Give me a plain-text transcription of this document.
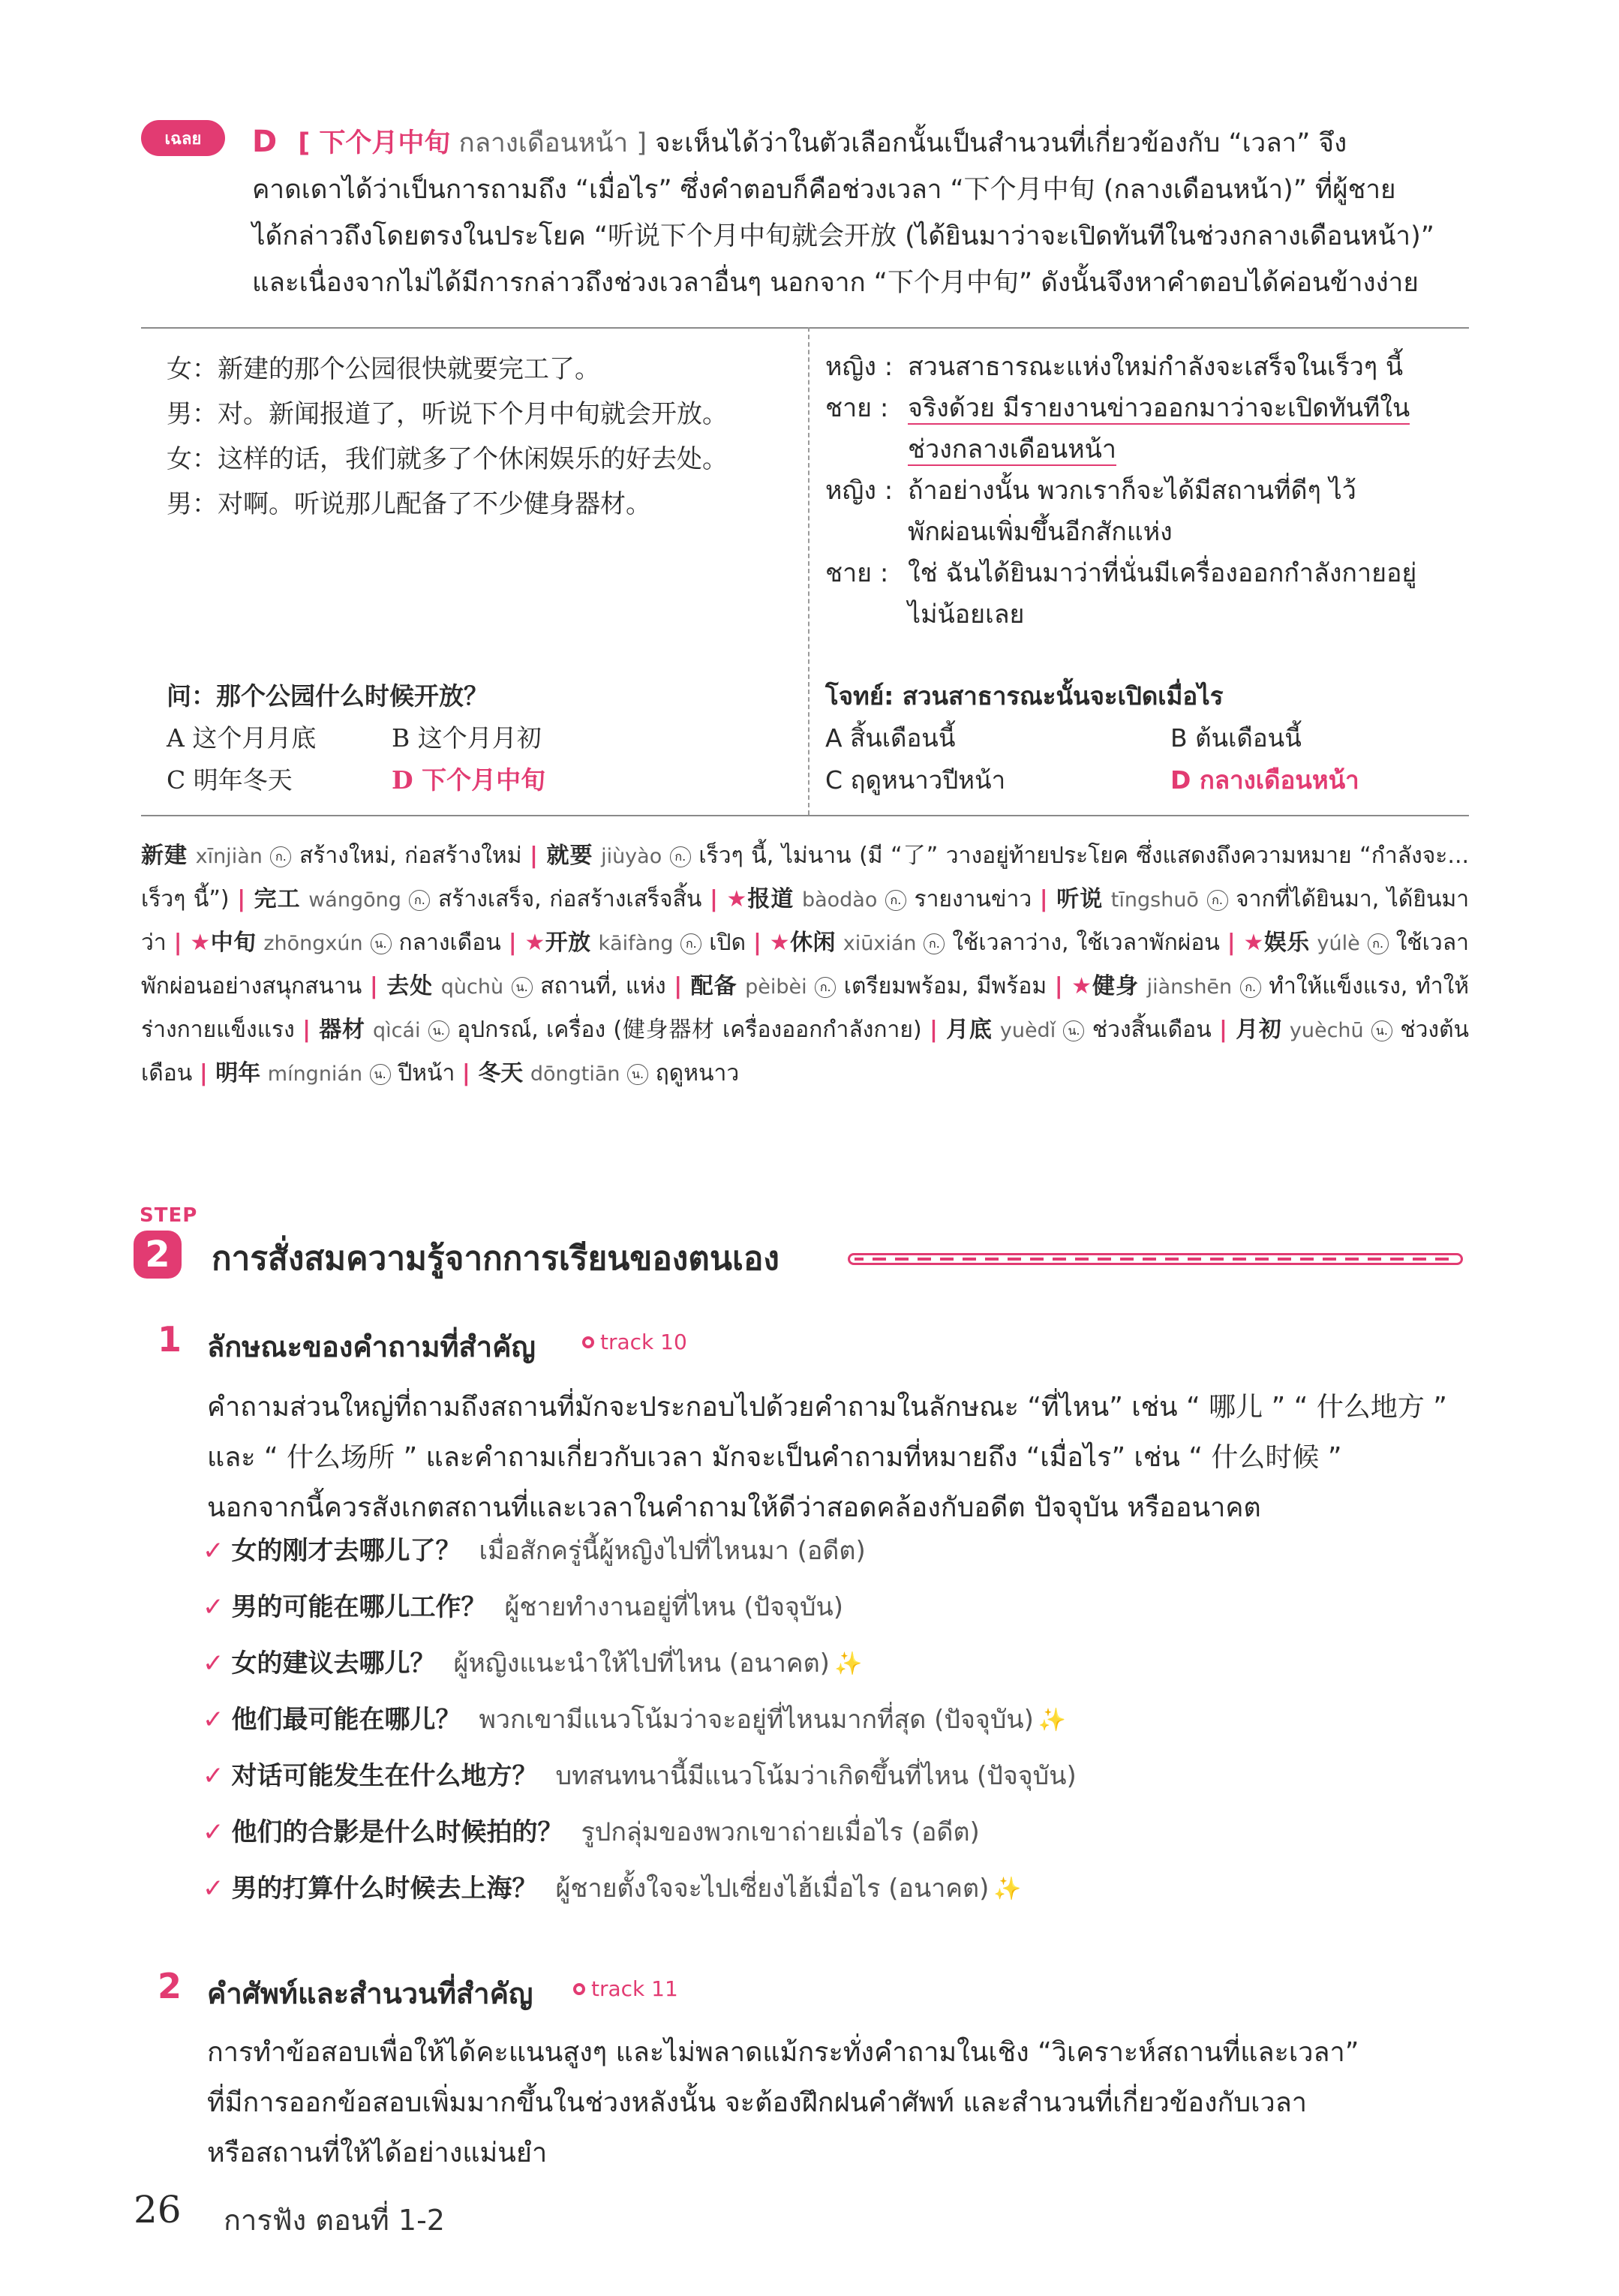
เฉลย	D [ 下个月中旬 กลางเดือนหน้า ] จะเห็นได้ว่าในตัวเลือกนั้นเป็นสำนวนที่เกี่ยวข้องกับ “เวลา” จึง
คาดเดาได้ว่าเป็นการถามถึง “เมื่อไร” ซึ่งคำตอบก็คือช่วงเวลา “下个月中旬 (กลางเดือนหน้า)” ที่ผู้ชาย
ได้กล่าวถึงโดยตรงในประโยค “听说下个月中旬就会开放 (ได้ยินมาว่าจะเปิดทันทีในช่วงกลางเดือนหน้า)”
และเนื่องจากไม่ได้มีการกล่าวถึงช่วงเวลาอื่นๆ นอกจาก “下个月中旬” ดังนั้นจึงหาคำตอบได้ค่อนข้างง่าย
女：新建的那个公园很快就要完工了。
男：对。新闻报道了，听说下个月中旬就会开放。
女：这样的话，我们就多了个休闲娱乐的好去处。
男：对啊。听说那儿配备了不少健身器材。
หญิง : สวนสาธารณะแห่งใหม่กำลังจะเสร็จในเร็วๆ นี้
ชาย : จริงด้วย มีรายงานข่าวออกมาว่าจะเปิดทันทีใน
ช่วงกลางเดือนหน้า
หญิง : ถ้าอย่างนั้น พวกเราก็จะได้มีสถานที่ดีๆ ไว้
พักผ่อนเพิ่มขึ้นอีกสักแห่ง
ชาย : ใช่ ฉันได้ยินมาว่าที่นั่นมีเครื่องออกกำลังกายอยู่
ไม่น้อยเลย
问：那个公园什么时候开放？
A 这个月月底	B 这个月月初
C 明年冬天	D 下个月中旬
โจทย์: สวนสาธารณะนั้นจะเปิดเมื่อไร
A สิ้นเดือนนี้	B ต้นเดือนนี้
C ฤดูหนาวปีหน้า	D กลางเดือนหน้า
新建 xīnjiàn ก. สร้างใหม่, ก่อสร้างใหม่ | 就要 jiùyào ก. เร็วๆ นี้, ไม่นาน (มี “了” วางอยู่ท้ายประโยค ซึ่งแสดงถึงความหมาย “กำลังจะ... เร็วๆ นี้”) | 完工 wángōng ก. สร้างเสร็จ, ก่อสร้างเสร็จสิ้น | ★报道 bàodào ก. รายงานข่าว | 听说 tīngshuō ก. จากที่ได้ยินมา, ได้ยินมาว่า | ★中旬 zhōngxún น. กลางเดือน | ★开放 kāifàng ก. เปิด | ★休闲 xiūxián ก. ใช้เวลาว่าง, ใช้เวลาพักผ่อน | ★娱乐 yúlè ก. ใช้เวลาพักผ่อนอย่างสนุกสนาน | 去处 qùchù น. สถานที่, แห่ง | 配备 pèibèi ก. เตรียมพร้อม, มีพร้อม | ★健身 jiànshēn ก. ทำให้แข็งแรง, ทำให้ร่างกายแข็งแรง | 器材 qìcái น. อุปกรณ์, เครื่อง (健身器材 เครื่องออกกำลังกาย) | 月底 yuèdǐ น. ช่วงสิ้นเดือน | 月初 yuèchū น. ช่วงต้นเดือน | 明年 míngnián น. ปีหน้า | 冬天 dōngtiān น. ฤดูหนาว
STEP
2	การสั่งสมความรู้จากการเรียนของตนเอง
1 ลักษณะของคำถามที่สำคัญ	track 10
คำถามส่วนใหญ่ที่ถามถึงสถานที่มักจะประกอบไปด้วยคำถามในลักษณะ “ที่ไหน” เช่น “ 哪儿 ” “ 什么地方 ”
และ “ 什么场所 ” และคำถามเกี่ยวกับเวลา มักจะเป็นคำถามที่หมายถึง “เมื่อไร” เช่น “ 什么时候 ”
นอกจากนี้ควรสังเกตสถานที่และเวลาในคำถามให้ดีว่าสอดคล้องกับอดีต ปัจจุบัน หรืออนาคต
✓ 女的刚才去哪儿了？ เมื่อสักครู่นี้ผู้หญิงไปที่ไหนมา (อดีต)
✓ 男的可能在哪儿工作？ ผู้ชายทำงานอยู่ที่ไหน (ปัจจุบัน)
✓ 女的建议去哪儿？ ผู้หญิงแนะนำให้ไปที่ไหน (อนาคต) ✨
✓ 他们最可能在哪儿？ พวกเขามีแนวโน้มว่าจะอยู่ที่ไหนมากที่สุด (ปัจจุบัน) ✨
✓ 对话可能发生在什么地方？ บทสนทนานี้มีแนวโน้มว่าเกิดขึ้นที่ไหน (ปัจจุบัน)
✓ 他们的合影是什么时候拍的？ รูปกลุ่มของพวกเขาถ่ายเมื่อไร (อดีต)
✓ 男的打算什么时候去上海？ ผู้ชายตั้งใจจะไปเซี่ยงไฮ้เมื่อไร (อนาคต) ✨
2 คำศัพท์และสำนวนที่สำคัญ	track 11
การทำข้อสอบเพื่อให้ได้คะแนนสูงๆ และไม่พลาดแม้กระทั่งคำถามในเชิง “วิเคราะห์สถานที่และเวลา”
ที่มีการออกข้อสอบเพิ่มมากขึ้นในช่วงหลังนั้น จะต้องฝึกฝนคำศัพท์ และสำนวนที่เกี่ยวข้องกับเวลา
หรือสถานที่ให้ได้อย่างแม่นยำ
26 การฟัง ตอนที่ 1-2
